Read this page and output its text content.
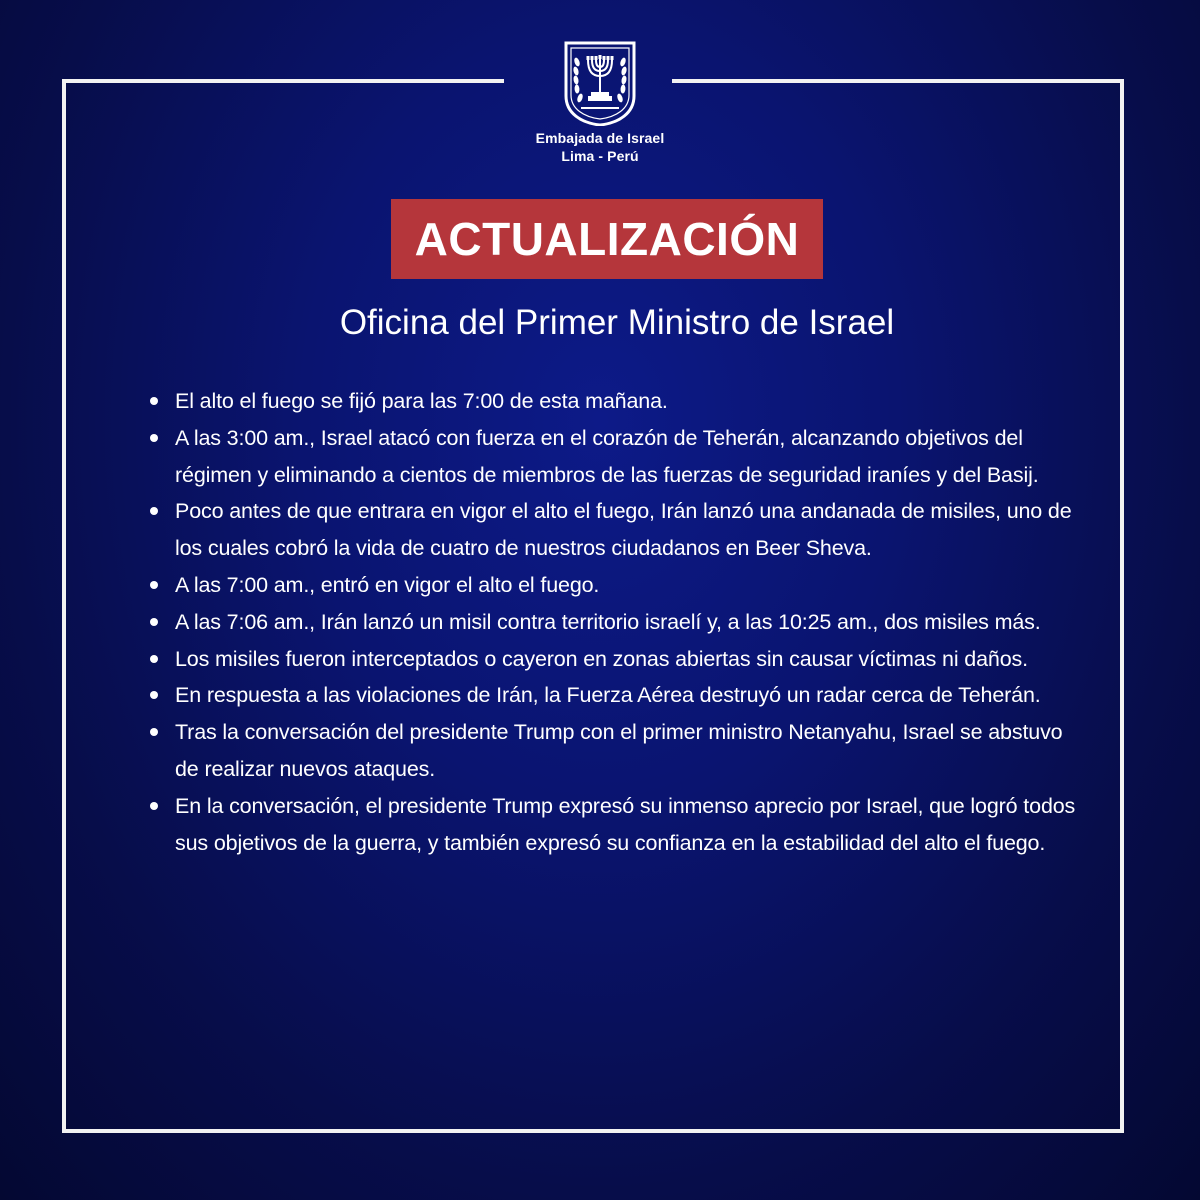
Embajada de Israel
Lima - Perú
ACTUALIZACIÓN
Oficina del Primer Ministro de Israel
El alto el fuego se fijó para las 7:00 de esta mañana.
A las 3:00 am., Israel atacó con fuerza en el corazón de Teherán, alcanzando objetivos del régimen y eliminando a cientos de miembros de las fuerzas de seguridad iraníes y del Basij.
Poco antes de que entrara en vigor el alto el fuego, Irán lanzó una andanada de misiles, uno de los cuales cobró la vida de cuatro de nuestros ciudadanos en Beer Sheva.
A las 7:00 am., entró en vigor el alto el fuego.
A las 7:06 am., Irán lanzó un misil contra territorio israelí y, a las 10:25 am., dos misiles más.
Los misiles fueron interceptados o cayeron en zonas abiertas sin causar víctimas ni daños.
En respuesta a las violaciones de Irán, la Fuerza Aérea destruyó un radar cerca de Teherán.
Tras la conversación del presidente Trump con el primer ministro Netanyahu, Israel se abstuvo de realizar nuevos ataques.
En la conversación, el presidente Trump expresó su inmenso aprecio por Israel, que logró todos sus objetivos de la guerra, y también expresó su confianza en la estabilidad del alto el fuego.
